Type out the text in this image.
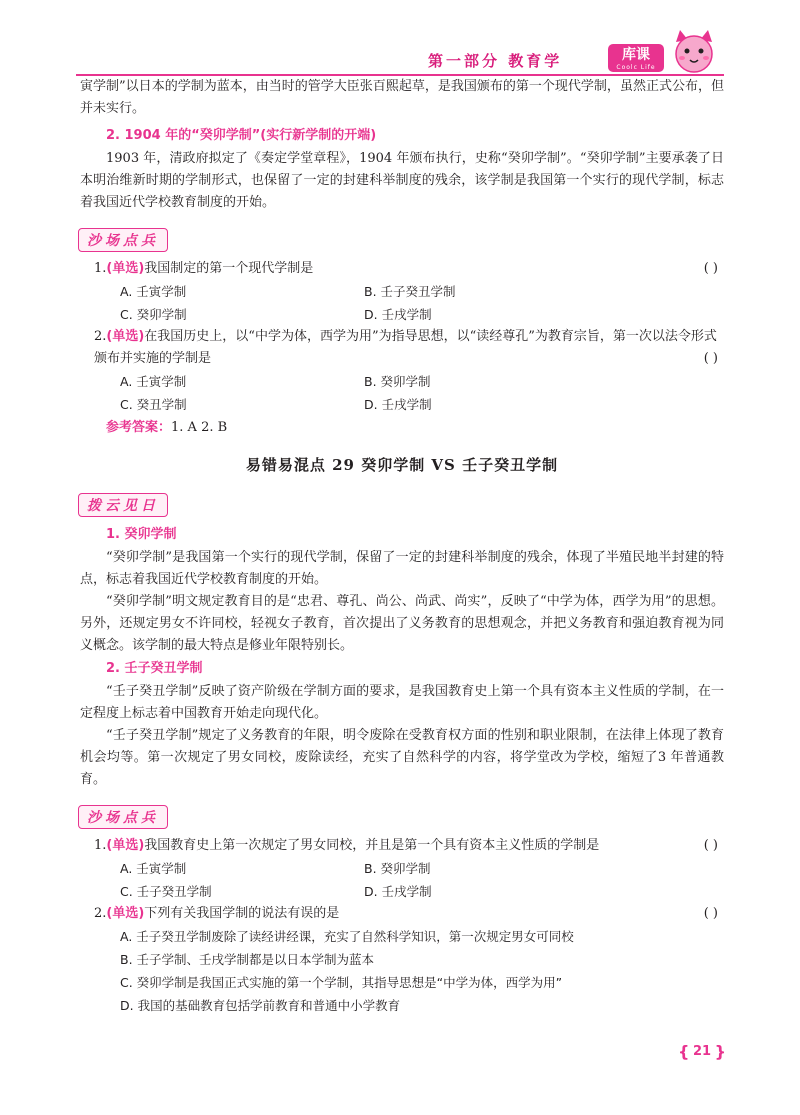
第一部分 教育学	库课
Coolc Life

寅学制”以日本的学制为蓝本，由当时的管学大臣张百熙起草，是我国颁布的第一个现代学制，虽然正式公布，但并未实行。

2. 1904 年的“癸卯学制”(实行新学制的开端)

1903 年，清政府拟定了《奏定学堂章程》，1904 年颁布执行，史称“癸卯学制”。“癸卯学制”主要承袭了日本明治维新时期的学制形式，也保留了一定的封建科举制度的残余，该学制是我国第一个实行的现代学制，标志着我国近代学校教育制度的开始。

沙场点兵
1.(单选)我国制定的第一个现代学制是	( )
A. 壬寅学制	B. 壬子癸丑学制
C. 癸卯学制	D. 壬戌学制
2.(单选)在我国历史上，以“中学为体，西学为用”为指导思想，以“读经尊孔”为教育宗旨，第一次以法令形式颁布并实施的学制是	( )
A. 壬寅学制	B. 癸卯学制
C. 癸丑学制	D. 壬戌学制
参考答案：1. A 2. B
易错易混点 29 癸卯学制 VS 壬子癸丑学制
拨云见日
1. 癸卯学制

“癸卯学制”是我国第一个实行的现代学制，保留了一定的封建科举制度的残余，体现了半殖民地半封建的特点，标志着我国近代学校教育制度的开始。

“癸卯学制”明文规定教育目的是“忠君、尊孔、尚公、尚武、尚实”，反映了“中学为体，西学为用”的思想。另外，还规定男女不许同校，轻视女子教育，首次提出了义务教育的思想观念，并把义务教育和强迫教育视为同义概念。该学制的最大特点是修业年限特别长。

2. 壬子癸丑学制

“壬子癸丑学制”反映了资产阶级在学制方面的要求，是我国教育史上第一个具有资本主义性质的学制，在一定程度上标志着中国教育开始走向现代化。

“壬子癸丑学制”规定了义务教育的年限，明令废除在受教育权方面的性别和职业限制，在法律上体现了教育机会均等。第一次规定了男女同校，废除读经，充实了自然科学的内容，将学堂改为学校，缩短了3 年普通教育。

沙场点兵
1.(单选)我国教育史上第一次规定了男女同校，并且是第一个具有资本主义性质的学制是	( )
A. 壬寅学制	B. 癸卯学制
C. 壬子癸丑学制	D. 壬戌学制
2.(单选)下列有关我国学制的说法有误的是	( )
A. 壬子癸丑学制废除了读经讲经课，充实了自然科学知识，第一次规定男女可同校
B. 壬子学制、壬戌学制都是以日本学制为蓝本
C. 癸卯学制是我国正式实施的第一个学制，其指导思想是“中学为体，西学为用”
D. 我国的基础教育包括学前教育和普通中小学教育
{ 21 }
